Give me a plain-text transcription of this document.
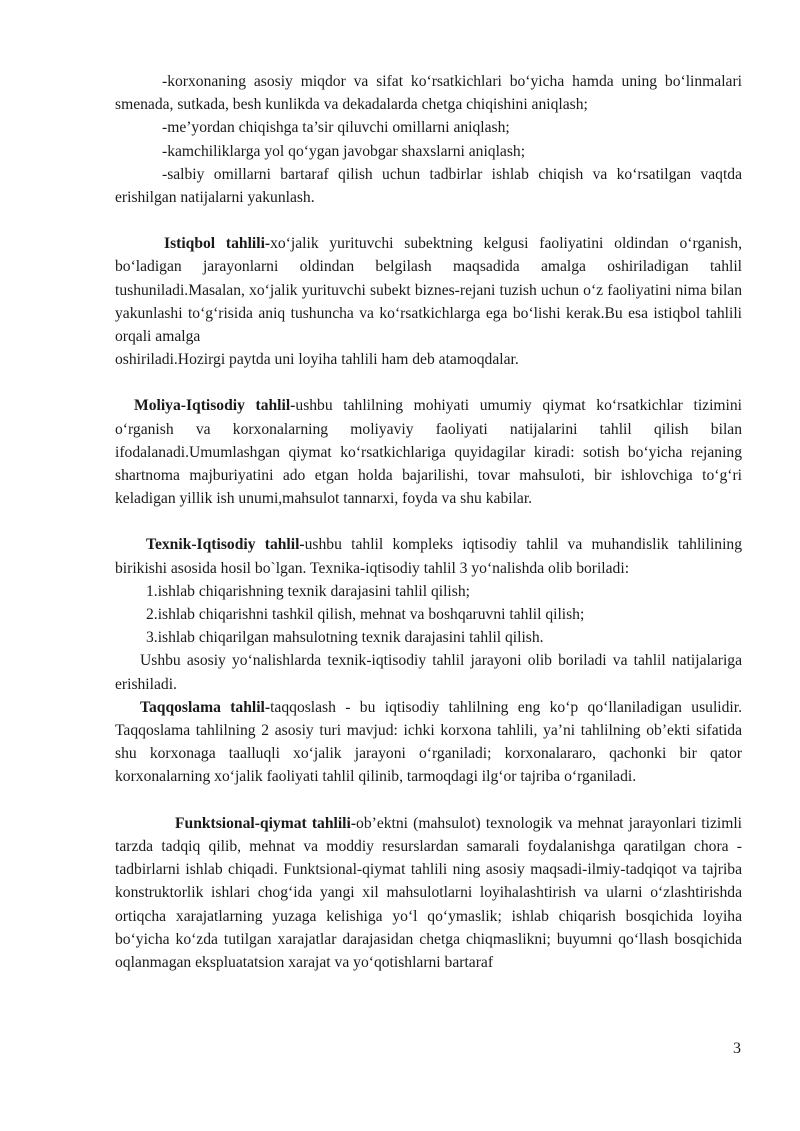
-korxonaning asosiy miqdor va sifat koʻrsatkichlari boʻyicha hamda uning boʻlinmalari smenada, sutkada, besh kunlikda va dekadalarda chetga chiqishini aniqlash;

-me’yordan chiqishga ta’sir qiluvchi omillarni aniqlash;

-kamchiliklarga yol qoʻygan javobgar shaxslarni aniqlash;

-salbiy omillarni bartaraf qilish uchun tadbirlar ishlab chiqish va koʻrsatilgan vaqtda erishilgan natijalarni yakunlash.

Istiqbol tahlili-xoʻjalik yurituvchi subektning kelgusi faoliyatini oldindan oʻrganish, boʻladigan jarayonlarni oldindan belgilash maqsadida amalga oshiriladigan tahlil tushuniladi.Masalan, xoʻjalik yurituvchi subekt biznes-rejani tuzish uchun oʻz faoliyatini nima bilan yakunlashi toʻgʻrisida aniq tushuncha va koʻrsatkichlarga ega boʻlishi kerak.Bu esa istiqbol tahlili orqali amalga

oshiriladi.Hozirgi paytda uni loyiha tahlili ham deb atamoqdalar.

Moliya-Iqtisodiy tahlil-ushbu tahlilning mohiyati umumiy qiymat koʻrsatkichlar tizimini oʻrganish va korxonalarning moliyaviy faoliyati natijalarini tahlil qilish bilan ifodalanadi.Umumlashgan qiymat koʻrsatkichlariga quyidagilar kiradi: sotish boʻyicha rejaning shartnoma majburiyatini ado etgan holda bajarilishi, tovar mahsuloti, bir ishlovchiga toʻgʻri keladigan yillik ish unumi,mahsulot tannarxi, foyda va shu kabilar.

Texnik-Iqtisodiy tahlil-ushbu tahlil kompleks iqtisodiy tahlil va muhandislik tahlilining birikishi asosida hosil bo`lgan. Texnika-iqtisodiy tahlil 3 yoʻnalishda olib boriladi:

1.ishlab chiqarishning texnik darajasini tahlil qilish;

2.ishlab chiqarishni tashkil qilish, mehnat va boshqaruvni tahlil qilish;

3.ishlab chiqarilgan mahsulotning texnik darajasini tahlil qilish.

Ushbu asosiy yoʻnalishlarda texnik-iqtisodiy tahlil jarayoni olib boriladi va tahlil natijalariga erishiladi.

Taqqoslama tahlil-taqqoslash - bu iqtisodiy tahlilning eng koʻp qoʻllaniladigan usulidir. Taqqoslama tahlilning 2 asosiy turi mavjud: ichki korxona tahlili, ya’ni tahlilning ob’ekti sifatida shu korxonaga taalluqli xoʻjalik jarayoni oʻrganiladi; korxonalararo, qachonki bir qator korxonalarning xoʻjalik faoliyati tahlil qilinib, tarmoqdagi ilgʻor tajriba oʻrganiladi.

Funktsional-qiymat tahlili-ob’ektni (mahsulot) texnologik va mehnat jarayonlari tizimli tarzda tadqiq qilib, mehnat va moddiy resurslardan samarali foydalanishga qaratilgan chora - tadbirlarni ishlab chiqadi. Funktsional-qiymat tahlili ning asosiy maqsadi-ilmiy-tadqiqot va tajriba konstruktorlik ishlari chogʻida yangi xil mahsulotlarni loyihalashtirish va ularni oʻzlashtirishda ortiqcha xarajatlarning yuzaga kelishiga yoʻl qoʻymaslik; ishlab chiqarish bosqichida loyiha boʻyicha koʻzda tutilgan xarajatlar darajasidan chetga chiqmaslikni; buyumni qoʻllash bosqichida oqlanmagan ekspluatatsion xarajat va yoʻqotishlarni bartaraf

3
